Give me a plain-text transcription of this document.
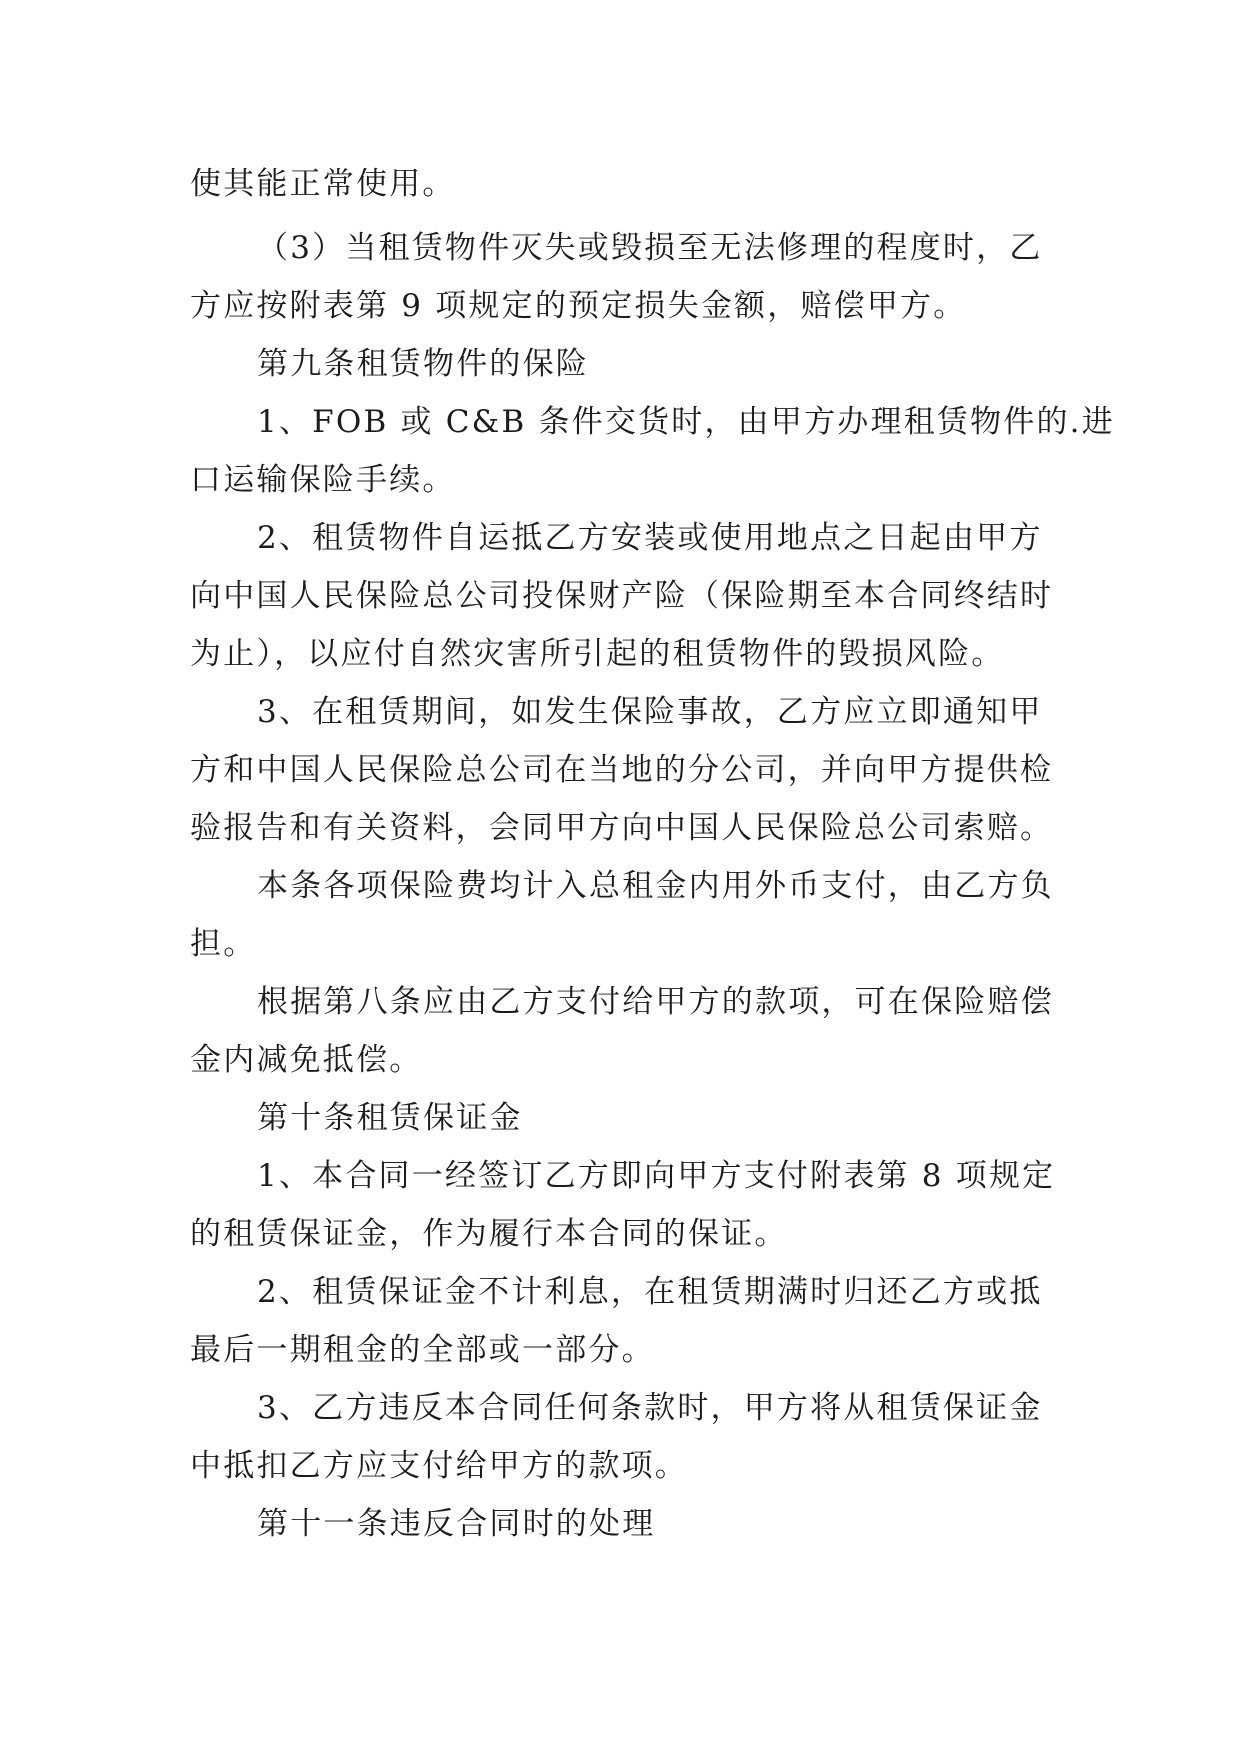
使其能正常使用。

（3）当租赁物件灭失或毁损至无法修理的程度时，乙

方应按附表第 9 项规定的预定损失金额，赔偿甲方。

第九条租赁物件的保险

1、FOB 或 C&B 条件交货时，由甲方办理租赁物件的.进

口运输保险手续。

2、租赁物件自运抵乙方安装或使用地点之日起由甲方

向中国人民保险总公司投保财产险（保险期至本合同终结时

为止），以应付自然灾害所引起的租赁物件的毁损风险。

3、在租赁期间，如发生保险事故，乙方应立即通知甲

方和中国人民保险总公司在当地的分公司，并向甲方提供检

验报告和有关资料，会同甲方向中国人民保险总公司索赔。

本条各项保险费均计入总租金内用外币支付，由乙方负

担。

根据第八条应由乙方支付给甲方的款项，可在保险赔偿

金内减免抵偿。

第十条租赁保证金

1、本合同一经签订乙方即向甲方支付附表第 8 项规定

的租赁保证金，作为履行本合同的保证。

2、租赁保证金不计利息，在租赁期满时归还乙方或抵

最后一期租金的全部或一部分。

3、乙方违反本合同任何条款时，甲方将从租赁保证金

中抵扣乙方应支付给甲方的款项。

第十一条违反合同时的处理
